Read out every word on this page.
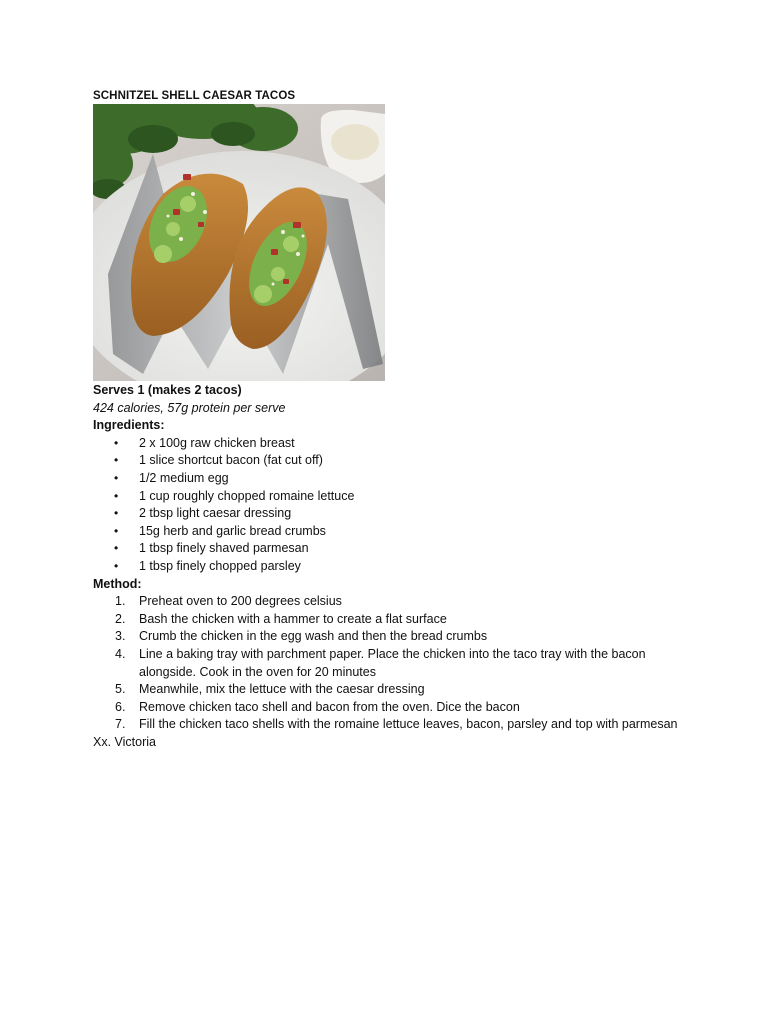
SCHNITZEL SHELL CAESAR TACOS
Serves 1 (makes 2 tacos)
424 calories, 57g protein per serve
Ingredients:
• 2 x 100g raw chicken breast
• 1 slice shortcut bacon (fat cut off)
• 1/2 medium egg
• 1 cup roughly chopped romaine lettuce
• 2 tbsp light caesar dressing
• 15g herb and garlic bread crumbs
• 1 tbsp finely shaved parmesan
• 1 tbsp finely chopped parsley
Method:
1. Preheat oven to 200 degrees celsius
2. Bash the chicken with a hammer to create a flat surface
3. Crumb the chicken in the egg wash and then the bread crumbs
4. Line a baking tray with parchment paper. Place the chicken into the taco tray with the bacon alongside. Cook in the oven for 20 minutes
5. Meanwhile, mix the lettuce with the caesar dressing
6. Remove chicken taco shell and bacon from the oven. Dice the bacon
7. Fill the chicken taco shells with the romaine lettuce leaves, bacon, parsley and top with parmesan
Xx. Victoria
